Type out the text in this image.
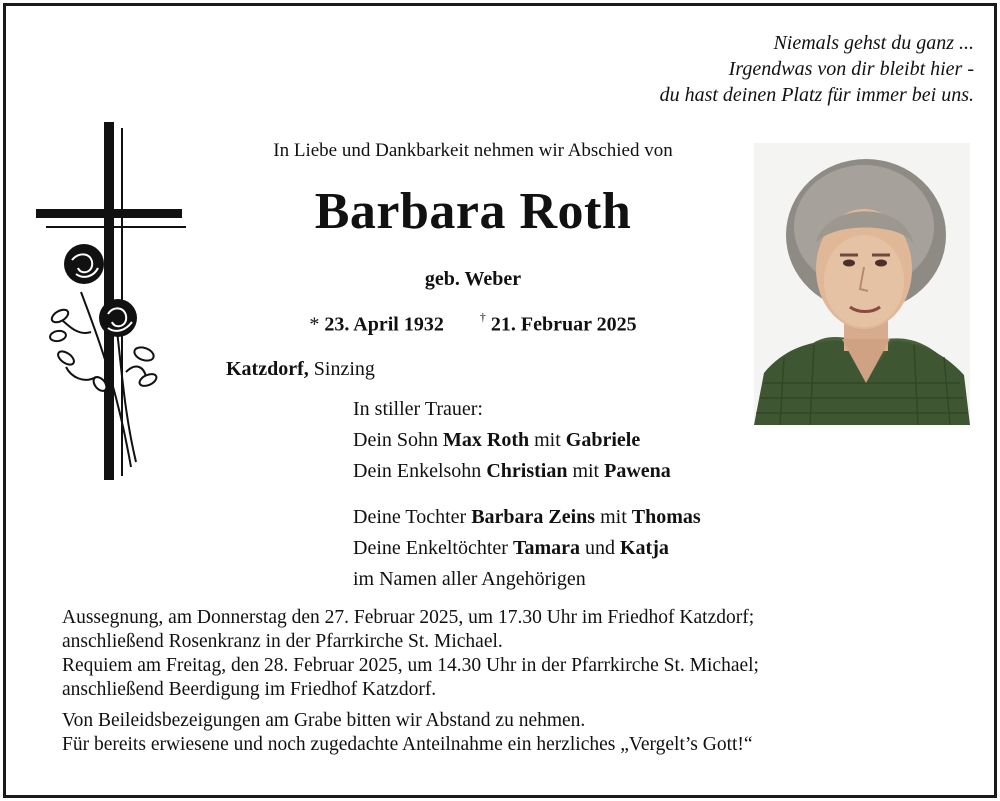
Niemals gehst du ganz ...
Irgendwas von dir bleibt hier -
du hast deinen Platz für immer bei uns.
In Liebe und Dankbarkeit nehmen wir Abschied von
Barbara Roth
geb. Weber
* 23. April 1932	† 21. Februar 2025
Katzdorf, Sinzing
In stiller Trauer:
Dein Sohn Max Roth mit Gabriele
Dein Enkelsohn Christian mit Pawena
Deine Tochter Barbara Zeins mit Thomas
Deine Enkeltöchter Tamara und Katja
im Namen aller Angehörigen
Aussegnung, am Donnerstag den 27. Februar 2025, um 17.30 Uhr im Friedhof Katzdorf;
anschließend Rosenkranz in der Pfarrkirche St. Michael.
Requiem am Freitag, den 28. Februar 2025, um 14.30 Uhr in der Pfarrkirche St. Michael;
anschließend Beerdigung im Friedhof Katzdorf.
Von Beileidsbezeigungen am Grabe bitten wir Abstand zu nehmen.
Für bereits erwiesene und noch zugedachte Anteilnahme ein herzliches „Vergelt’s Gott!“
